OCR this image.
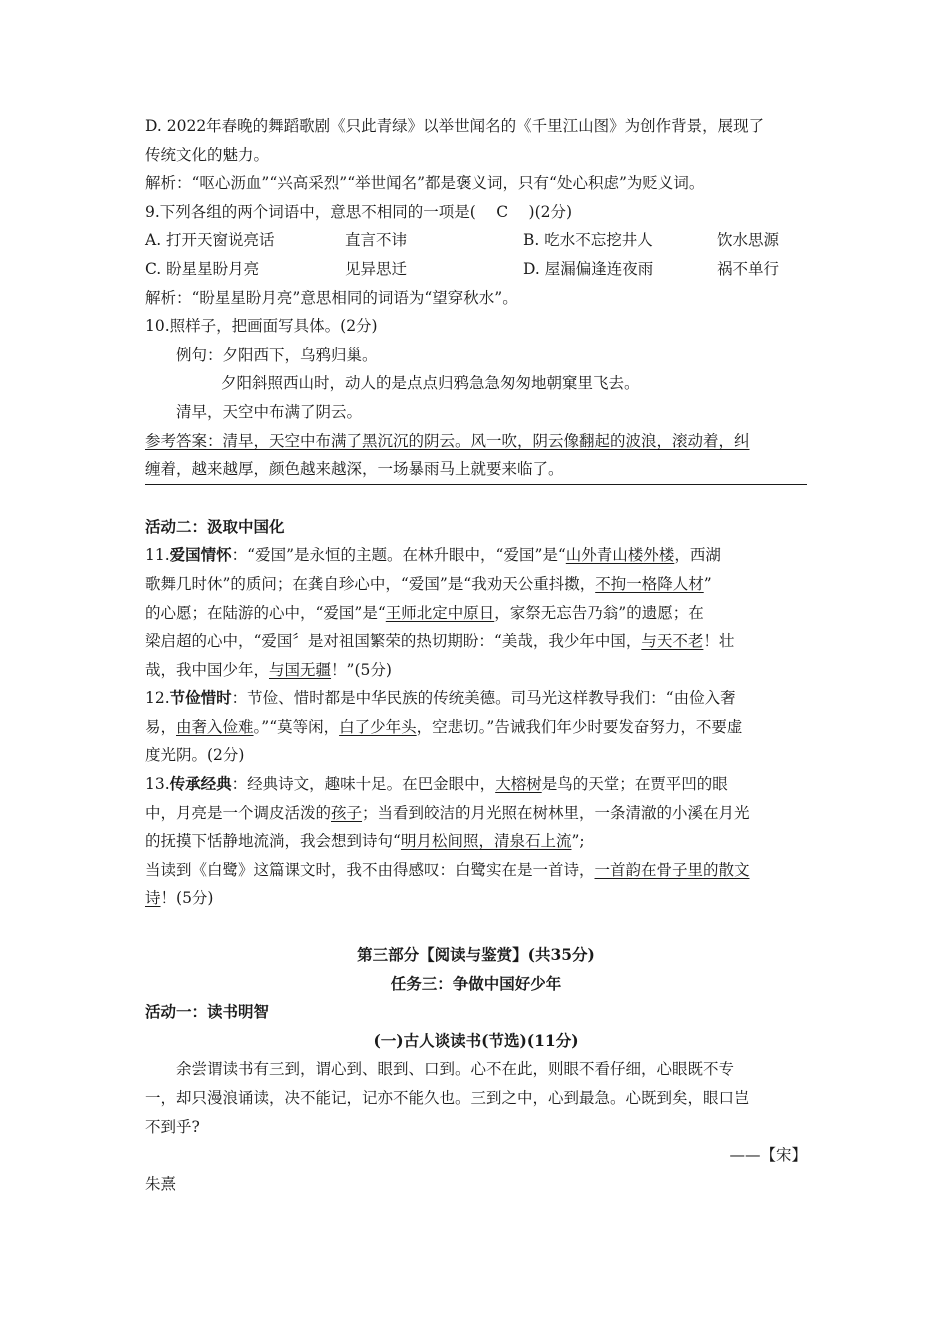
D. 2022年春晚的舞蹈歌剧《只此青绿》以举世闻名的《千里江山图》为创作背景，展现了
传统文化的魅力。
解析：“呕心沥血”“兴高采烈”“举世闻名”都是褒义词，只有“处心积虑”为贬义词。
9.下列各组的两个词语中，意思不相同的一项是(　 C　 )(2分)
A. 打开天窗说亮话	直言不讳	B. 吃水不忘挖井人	饮水思源
C. 盼星星盼月亮	见异思迁	D. 屋漏偏逢连夜雨	祸不单行
解析：“盼星星盼月亮”意思相同的词语为“望穿秋水”。
10.照样子，把画面写具体。(2分)
例句：夕阳西下，乌鸦归巢。
夕阳斜照西山时，动人的是点点归鸦急急匆匆地朝窠里飞去。
清早，天空中布满了阴云。
参考答案：清早，天空中布满了黑沉沉的阴云。风一吹，阴云像翻起的波浪，滚动着，纠
缠着，越来越厚，颜色越来越深，一场暴雨马上就要来临了。
活动二：汲取中国化
11.爱国情怀：“爱国”是永恒的主题。在林升眼中，“爱国”是“山外青山楼外楼，西湖
歌舞几时休”的质问；在龚自珍心中，“爱国”是“我劝天公重抖擞，不拘一格降人材”
的心愿；在陆游的心中，“爱国”是“王师北定中原日，家祭无忘告乃翁”的遗愿；在
梁启超的心中，“爱国〞是对祖国繁荣的热切期盼：“美哉，我少年中国，与天不老！壮
哉，我中国少年，与国无疆！”(5分)
12.节俭惜时：节俭、惜时都是中华民族的传统美德。司马光这样教导我们：“由俭入奢
易，由奢入俭难。”“莫等闲，白了少年头，空悲切。”告诫我们年少时要发奋努力，不要虚
度光阴。(2分)
13.传承经典：经典诗文，趣味十足。在巴金眼中，大榕树是鸟的天堂；在贾平凹的眼
中，月亮是一个调皮活泼的孩子；当看到皎洁的月光照在树林里，一条清澈的小溪在月光
的抚摸下恬静地流淌，我会想到诗句“明月松间照，清泉石上流”;
当读到《白鹭》这篇课文时，我不由得感叹：白鹭实在是一首诗，一首韵在骨子里的散文
诗！(5分)
第三部分【阅读与鉴赏】(共35分)
任务三：争做中国好少年
活动一：读书明智
(一)古人谈读书(节选)(11分)
余尝谓读书有三到，谓心到、眼到、口到。心不在此，则眼不看仔细，心眼既不专
一，却只漫浪诵读，决不能记，记亦不能久也。三到之中，心到最急。心既到矣，眼口岂
不到乎?
——【宋】
朱熹
